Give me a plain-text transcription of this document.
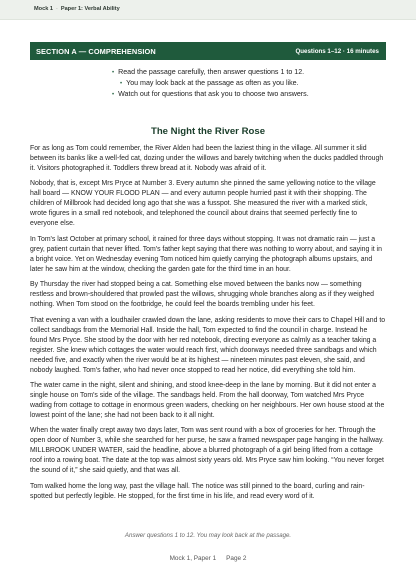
Mock 1 · Paper 1: Verbal Ability
SECTION A — COMPREHENSION	Questions 1–12 · 16 minutes
• Read the passage carefully, then answer questions 1 to 12.
• You may look back at the passage as often as you like.
• Watch out for questions that ask you to choose two answers.
The Night the River Rose

For as long as Tom could remember, the River Alden had been the laziest thing in the village. All summer it slid between its banks like a well-fed cat, dozing under the willows and barely twitching when the ducks paddled through it. Visitors photographed it. Toddlers threw bread at it. Nobody was afraid of it.

Nobody, that is, except Mrs Pryce at Number 3. Every autumn she pinned the same yellowing notice to the village hall board — KNOW YOUR FLOOD PLAN — and every autumn people hurried past it with their shopping. The children of Millbrook had decided long ago that she was a fusspot. She measured the river with a marked stick, wrote figures in a small red notebook, and telephoned the council about drains that seemed perfectly fine to everyone else.

In Tom's last October at primary school, it rained for three days without stopping. It was not dramatic rain — just a grey, patient curtain that never lifted. Tom's father kept saying that there was nothing to worry about, and saying it in a bright voice. Yet on Wednesday evening Tom noticed him quietly carrying the photograph albums upstairs, and later he saw him at the window, checking the garden gate for the third time in an hour.

By Thursday the river had stopped being a cat. Something else moved between the banks now — something restless and brown-shouldered that prowled past the willows, shrugging whole branches along as if they weighed nothing. When Tom stood on the footbridge, he could feel the boards trembling under his feet.

That evening a van with a loudhailer crawled down the lane, asking residents to move their cars to Chapel Hill and to collect sandbags from the Memorial Hall. Inside the hall, Tom expected to find the council in charge. Instead he found Mrs Pryce. She stood by the door with her red notebook, directing everyone as calmly as a teacher taking a register. She knew which cottages the water would reach first, which doorways needed three sandbags and which needed five, and exactly when the river would be at its highest — nineteen minutes past eleven, she said, and nobody laughed. Tom's father, who had never once stopped to read her notice, did everything she told him.

The water came in the night, silent and shining, and stood knee-deep in the lane by morning. But it did not enter a single house on Tom's side of the village. The sandbags held. From the hall doorway, Tom watched Mrs Pryce wading from cottage to cottage in enormous green waders, checking on her neighbours. Her own house stood at the lowest point of the lane; she had not been back to it all night.

When the water finally crept away two days later, Tom was sent round with a box of groceries for her. Through the open door of Number 3, while she searched for her purse, he saw a framed newspaper page hanging in the hallway. MILLBROOK UNDER WATER, said the headline, above a blurred photograph of a girl being lifted from a cottage roof into a rowing boat. The date at the top was almost sixty years old. Mrs Pryce saw him looking. “You never forget the sound of it,” she said quietly, and that was all.

Tom walked home the long way, past the village hall. The notice was still pinned to the board, curling and rain-spotted but perfectly legible. He stopped, for the first time in his life, and read every word of it.

Answer questions 1 to 12. You may look back at the passage.
Mock 1, Paper 1 Page 2
